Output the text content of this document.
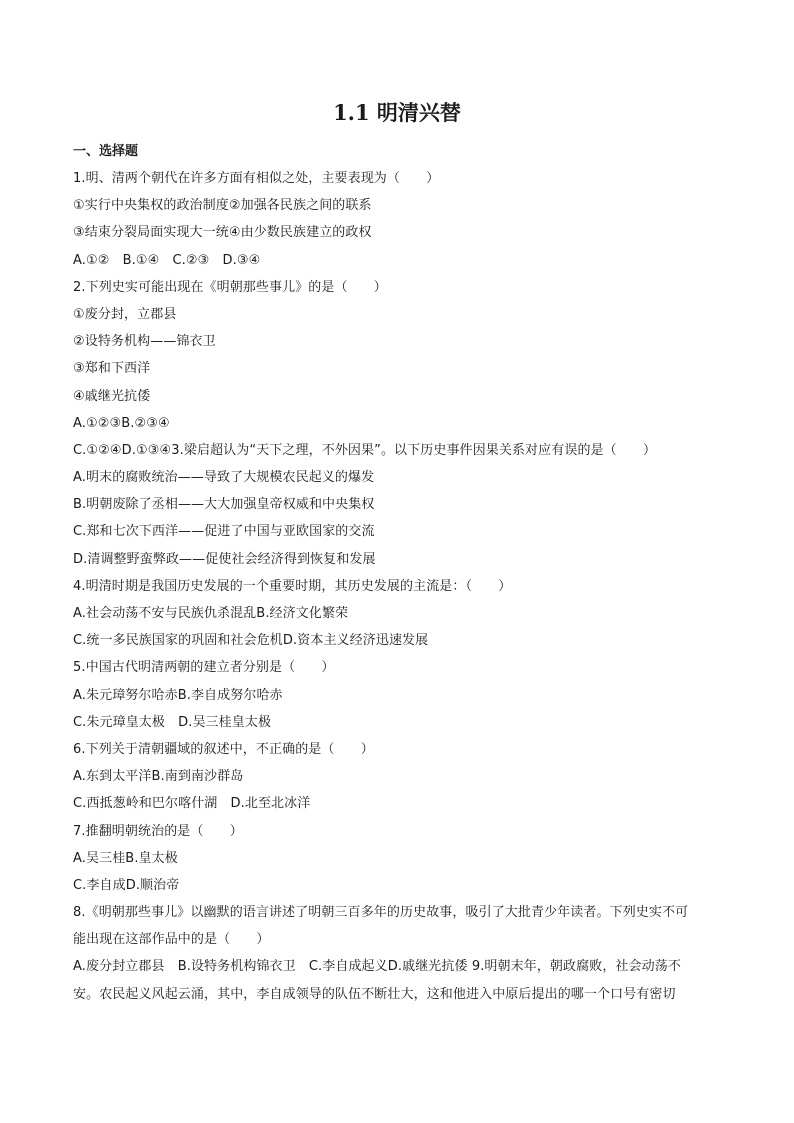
1.1 明清兴替
一、选择题
1.明、清两个朝代在许多方面有相似之处，主要表现为（　　）
①实行中央集权的政治制度②加强各民族之间的联系
③结束分裂局面实现大一统④由少数民族建立的政权
A.①②　B.①④　C.②③　D.③④
2.下列史实可能出现在《明朝那些事儿》的是（　　）
①废分封，立郡县
②设特务机构——锦衣卫
③郑和下西洋
④戚继光抗倭
A.①②③B.②③④
C.①②④D.①③④3.梁启超认为“天下之理，不外因果”。以下历史事件因果关系对应有误的是（　　）
A.明末的腐败统治——导致了大规模农民起义的爆发
B.明朝废除了丞相——大大加强皇帝权威和中央集权
C.郑和七次下西洋——促进了中国与亚欧国家的交流
D.清调整野蛮弊政——促使社会经济得到恢复和发展
4.明清时期是我国历史发展的一个重要时期，其历史发展的主流是：（　　）
A.社会动荡不安与民族仇杀混乱B.经济文化繁荣
C.统一多民族国家的巩固和社会危机D.资本主义经济迅速发展
5.中国古代明清两朝的建立者分别是（　　）
A.朱元璋努尔哈赤B.李自成努尔哈赤
C.朱元璋皇太极　D.吴三桂皇太极
6.下列关于清朝疆域的叙述中，不正确的是（　　）
A.东到太平洋B.南到南沙群岛
C.西抵葱岭和巴尔喀什湖　D.北至北冰洋
7.推翻明朝统治的是（　　）
A.吴三桂B.皇太极
C.李自成D.顺治帝
8.《明朝那些事儿》以幽默的语言讲述了明朝三百多年的历史故事，吸引了大批青少年读者。下列史实不可
能出现在这部作品中的是（　　）
A.废分封立郡县　B.设特务机构锦衣卫　C.李自成起义D.戚继光抗倭 9.明朝末年，朝政腐败，社会动荡不
安。农民起义风起云涌，其中，李自成领导的队伍不断壮大，这和他进入中原后提出的哪一个口号有密切
